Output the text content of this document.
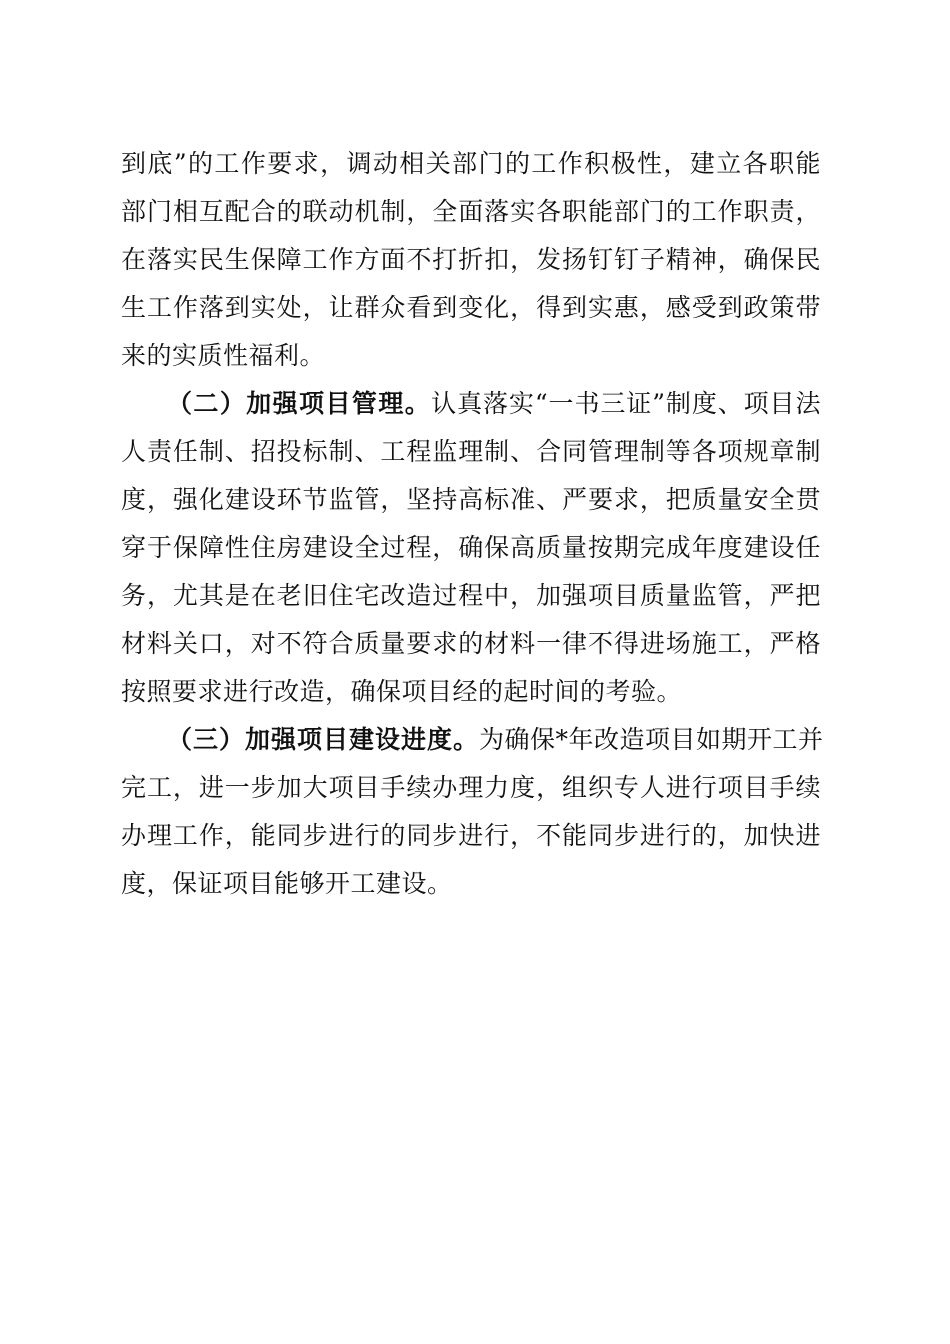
到底”的工作要求，调动相关部门的工作积极性，建立各职能
部门相互配合的联动机制，全面落实各职能部门的工作职责，
在落实民生保障工作方面不打折扣，发扬钉钉子精神，确保民
生工作落到实处，让群众看到变化，得到实惠，感受到政策带
来的实质性福利。
（二）加强项目管理。认真落实“一书三证”制度、项目法
人责任制、招投标制、工程监理制、合同管理制等各项规章制
度，强化建设环节监管，坚持高标准、严要求，把质量安全贯
穿于保障性住房建设全过程，确保高质量按期完成年度建设任
务，尤其是在老旧住宅改造过程中，加强项目质量监管，严把
材料关口，对不符合质量要求的材料一律不得进场施工，严格
按照要求进行改造，确保项目经的起时间的考验。
（三）加强项目建设进度。为确保*年改造项目如期开工并
完工，进一步加大项目手续办理力度，组织专人进行项目手续
办理工作，能同步进行的同步进行，不能同步进行的，加快进
度，保证项目能够开工建设。
